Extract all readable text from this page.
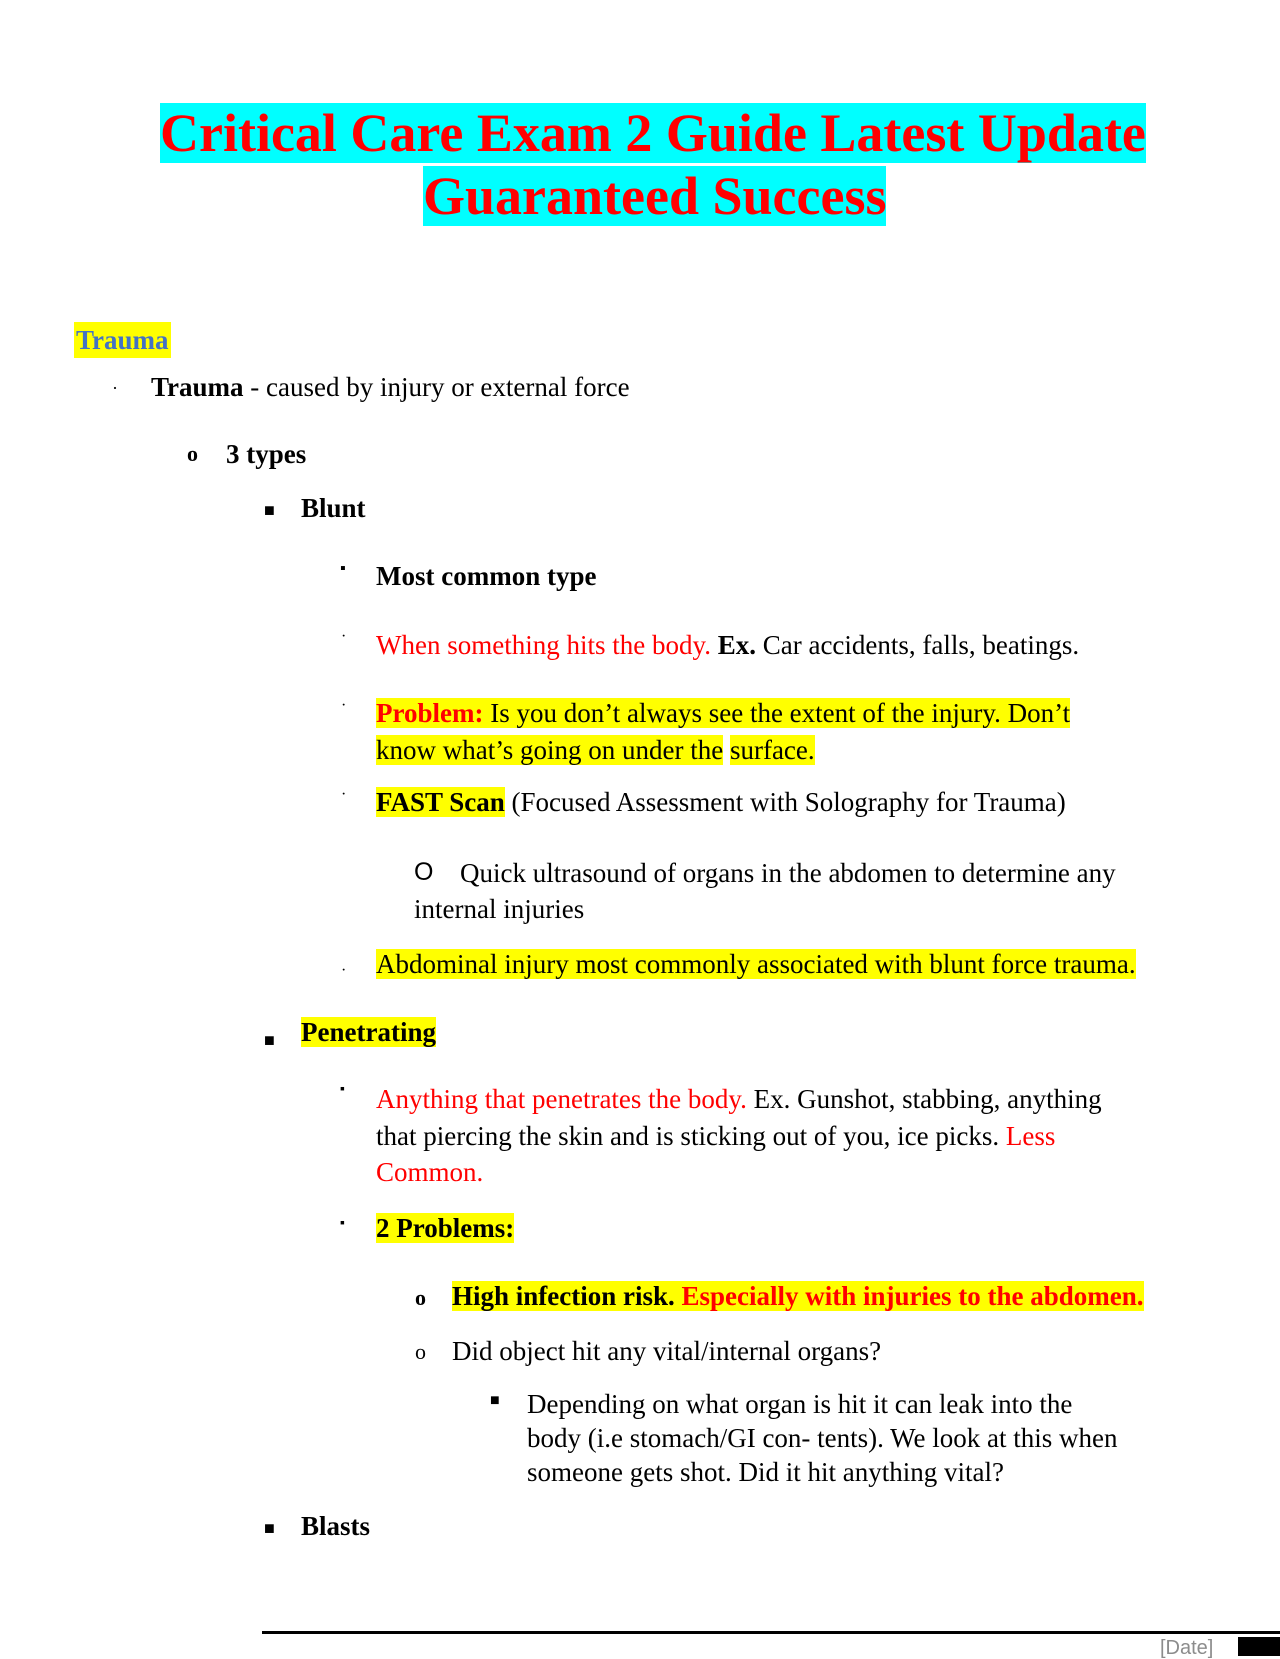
Critical Care Exam 2 Guide Latest Update
Guaranteed Success
Trauma
· Trauma - caused by injury or external force
o 3 types
■ Blunt
▪ Most common type
· When something hits the body. Ex. Car accidents, falls, beatings.
· Problem: Is you don’t always see the extent of the injury. Don’t
know what’s going on under the surface.
· FAST Scan (Focused Assessment with Solography for Trauma)
O Quick ultrasound of organs in the abdomen to determine any
internal injuries
· Abdominal injury most commonly associated with blunt force trauma.
■ Penetrating
▪ Anything that penetrates the body. Ex. Gunshot, stabbing, anything
that piercing the skin and is sticking out of you, ice picks. Less
Common.
▪ 2 Problems:
o High infection risk. Especially with injuries to the abdomen.
o Did object hit any vital/internal organs?
■ Depending on what organ is hit it can leak into the
body (i.e stomach/GI con- tents). We look at this when
someone gets shot. Did it hit anything vital?
■ Blasts
[Date]
